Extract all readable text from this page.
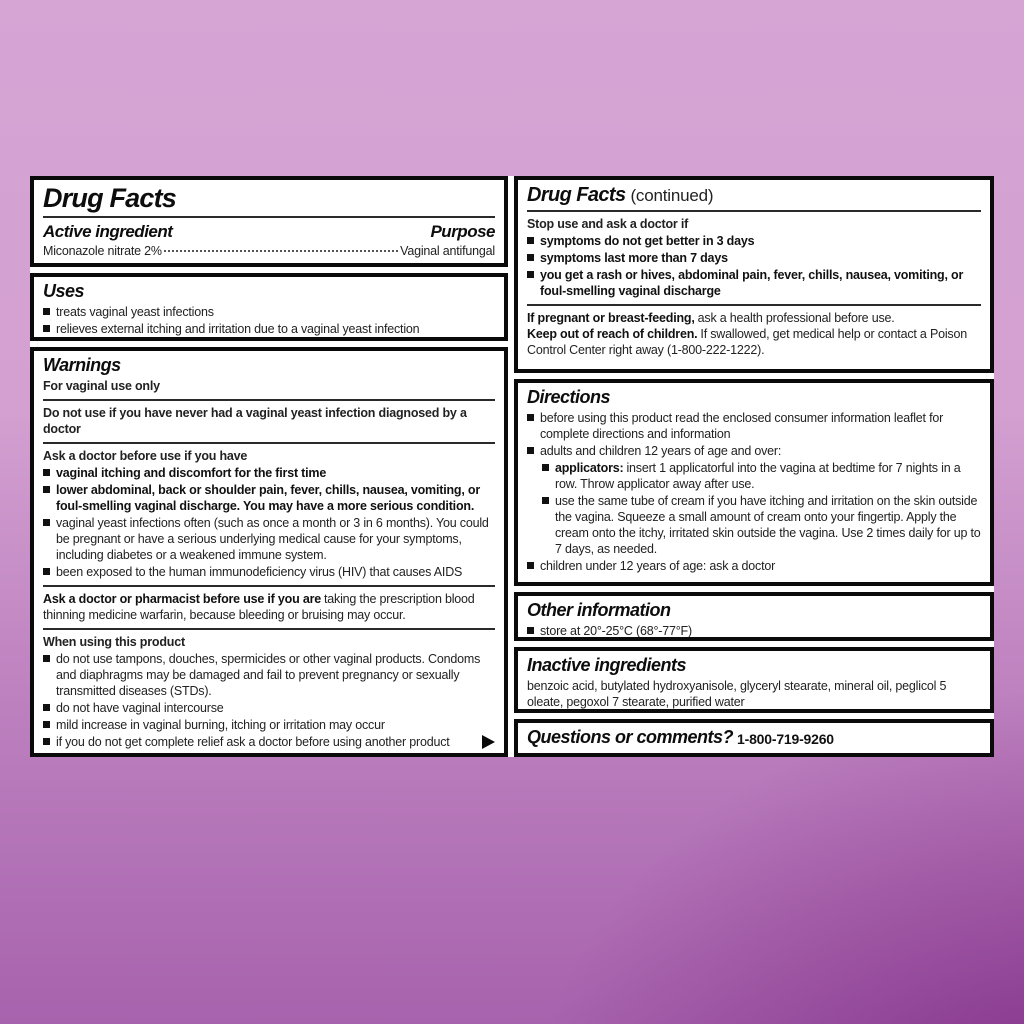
Drug Facts
Active ingredient	Purpose
Miconazole nitrate 2%	Vaginal antifungal
Uses
treats vaginal yeast infections
relieves external itching and irritation due to a vaginal yeast infection
Warnings
For vaginal use only
Do not use if you have never had a vaginal yeast infection diagnosed by a doctor
Ask a doctor before use if you have
vaginal itching and discomfort for the first time
lower abdominal, back or shoulder pain, fever, chills, nausea, vomiting, or foul-smelling vaginal discharge. You may have a more serious condition.
vaginal yeast infections often (such as once a month or 3 in 6 months). You could be pregnant or have a serious underlying medical cause for your symptoms, including diabetes or a weakened immune system.
been exposed to the human immunodeficiency virus (HIV) that causes AIDS
Ask a doctor or pharmacist before use if you are taking the prescription blood thinning medicine warfarin, because bleeding or bruising may occur.
When using this product
do not use tampons, douches, spermicides or other vaginal products. Condoms and diaphragms may be damaged and fail to prevent pregnancy or sexually transmitted diseases (STDs).
do not have vaginal intercourse
mild increase in vaginal burning, itching or irritation may occur
if you do not get complete relief ask a doctor before using another product
Drug Facts (continued)
Stop use and ask a doctor if
symptoms do not get better in 3 days
symptoms last more than 7 days
you get a rash or hives, abdominal pain, fever, chills, nausea, vomiting, or foul-smelling vaginal discharge
If pregnant or breast-feeding, ask a health professional before use.
Keep out of reach of children. If swallowed, get medical help or contact a Poison Control Center right away (1-800-222-1222).
Directions
before using this product read the enclosed consumer information leaflet for complete directions and information
adults and children 12 years of age and over:
applicators: insert 1 applicatorful into the vagina at bedtime for 7 nights in a row. Throw applicator away after use.
use the same tube of cream if you have itching and irritation on the skin outside the vagina. Squeeze a small amount of cream onto your fingertip. Apply the cream onto the itchy, irritated skin outside the vagina. Use 2 times daily for up to 7 days, as needed.
children under 12 years of age: ask a doctor
Other information
store at 20°-25°C (68°-77°F)
Inactive ingredients
benzoic acid, butylated hydroxyanisole, glyceryl stearate, mineral oil, peglicol 5 oleate, pegoxol 7 stearate, purified water
Questions or comments? 1-800-719-9260
